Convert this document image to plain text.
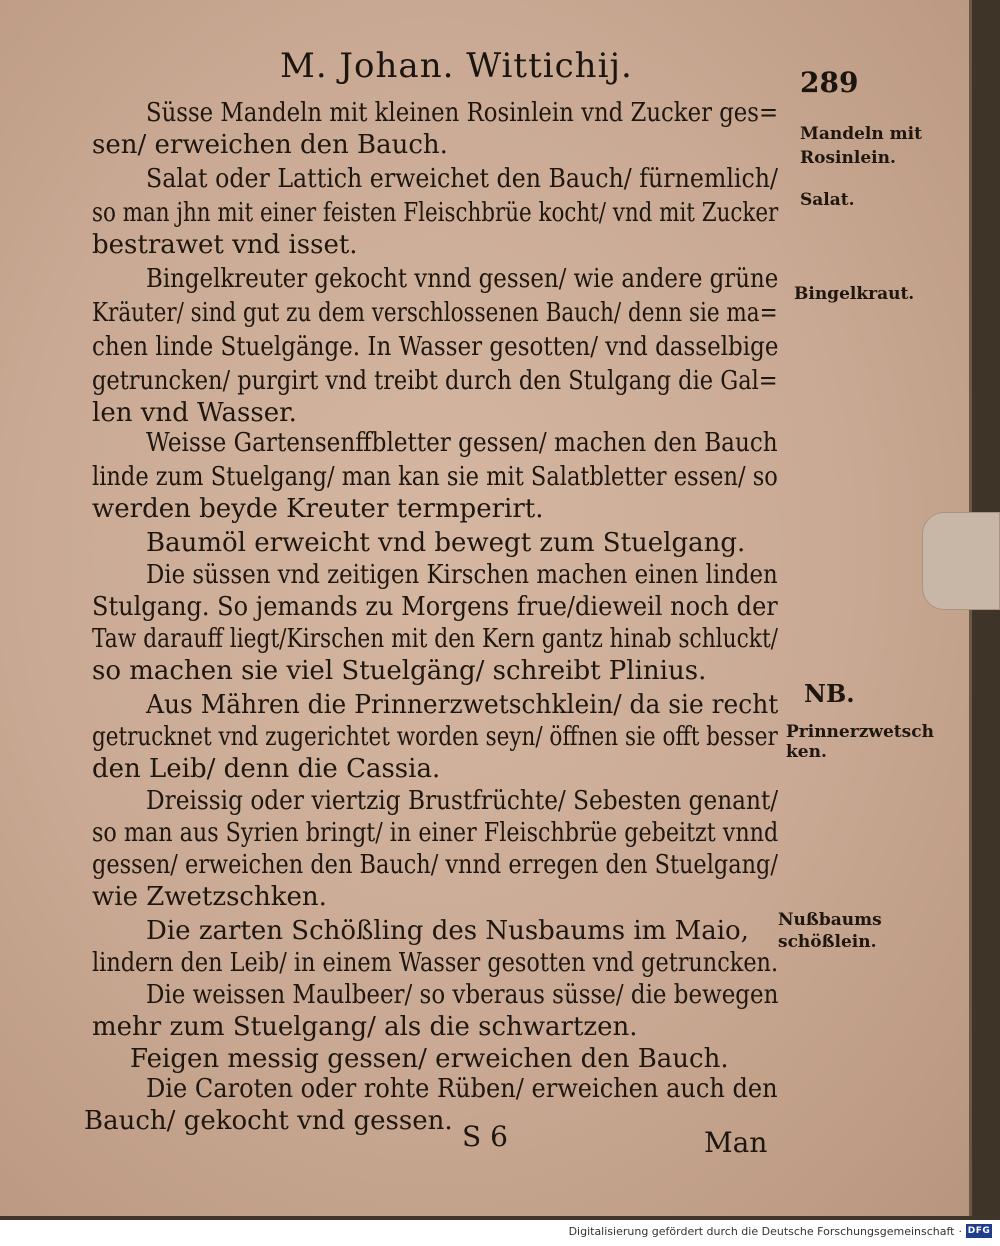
M. Johan. Wittichij.	289
Süsse Mandeln mit kleinen Rosinlein vnd Zucker ges=
sen/ erweichen den Bauch.
Salat oder Lattich erweichet den Bauch/ fürnemlich/
so man jhn mit einer feisten Fleischbrüe kocht/ vnd mit Zucker
bestrawet vnd isset.
Bingelkreuter gekocht vnnd gessen/ wie andere grüne
Kräuter/ sind gut zu dem verschlossenen Bauch/ denn sie ma=
chen linde Stuelgänge. In Wasser gesotten/ vnd dasselbige
getruncken/ purgirt vnd treibt durch den Stulgang die Gal=
len vnd Wasser.
Weisse Gartensenffbletter gessen/ machen den Bauch
linde zum Stuelgang/ man kan sie mit Salatbletter essen/ so
werden beyde Kreuter termperirt.
Baumöl erweicht vnd bewegt zum Stuelgang.
Die süssen vnd zeitigen Kirschen machen einen linden
Stulgang. So jemands zu Morgens frue/dieweil noch der
Taw darauff liegt/Kirschen mit den Kern gantz hinab schluckt/
so machen sie viel Stuelgäng/ schreibt Plinius.
Aus Mähren die Prinnerzwetschklein/ da sie recht
getrucknet vnd zugerichtet worden seyn/ öffnen sie offt besser
den Leib/ denn die Cassia.
Dreissig oder viertzig Brustfrüchte/ Sebesten genant/
so man aus Syrien bringt/ in einer Fleischbrüe gebeitzt vnnd
gessen/ erweichen den Bauch/ vnnd erregen den Stuelgang/
wie Zwetzschken.
Die zarten Schößling des Nusbaums im Maio,
lindern den Leib/ in einem Wasser gesotten vnd getruncken.
Die weissen Maulbeer/ so vberaus süsse/ die bewegen
mehr zum Stuelgang/ als die schwartzen.
Feigen messig gessen/ erweichen den Bauch.
Die Caroten oder rohte Rüben/ erweichen auch den
Bauch/ gekocht vnd gessen.
Mandeln mit
Rosinlein.
Salat.
Bingelkraut.
NB.
Prinnerzwetsch
ken.
Nußbaums
schößlein.
S 6	Man
Digitalisierung gefördert durch die Deutsche Forschungsgemeinschaft · DFG
